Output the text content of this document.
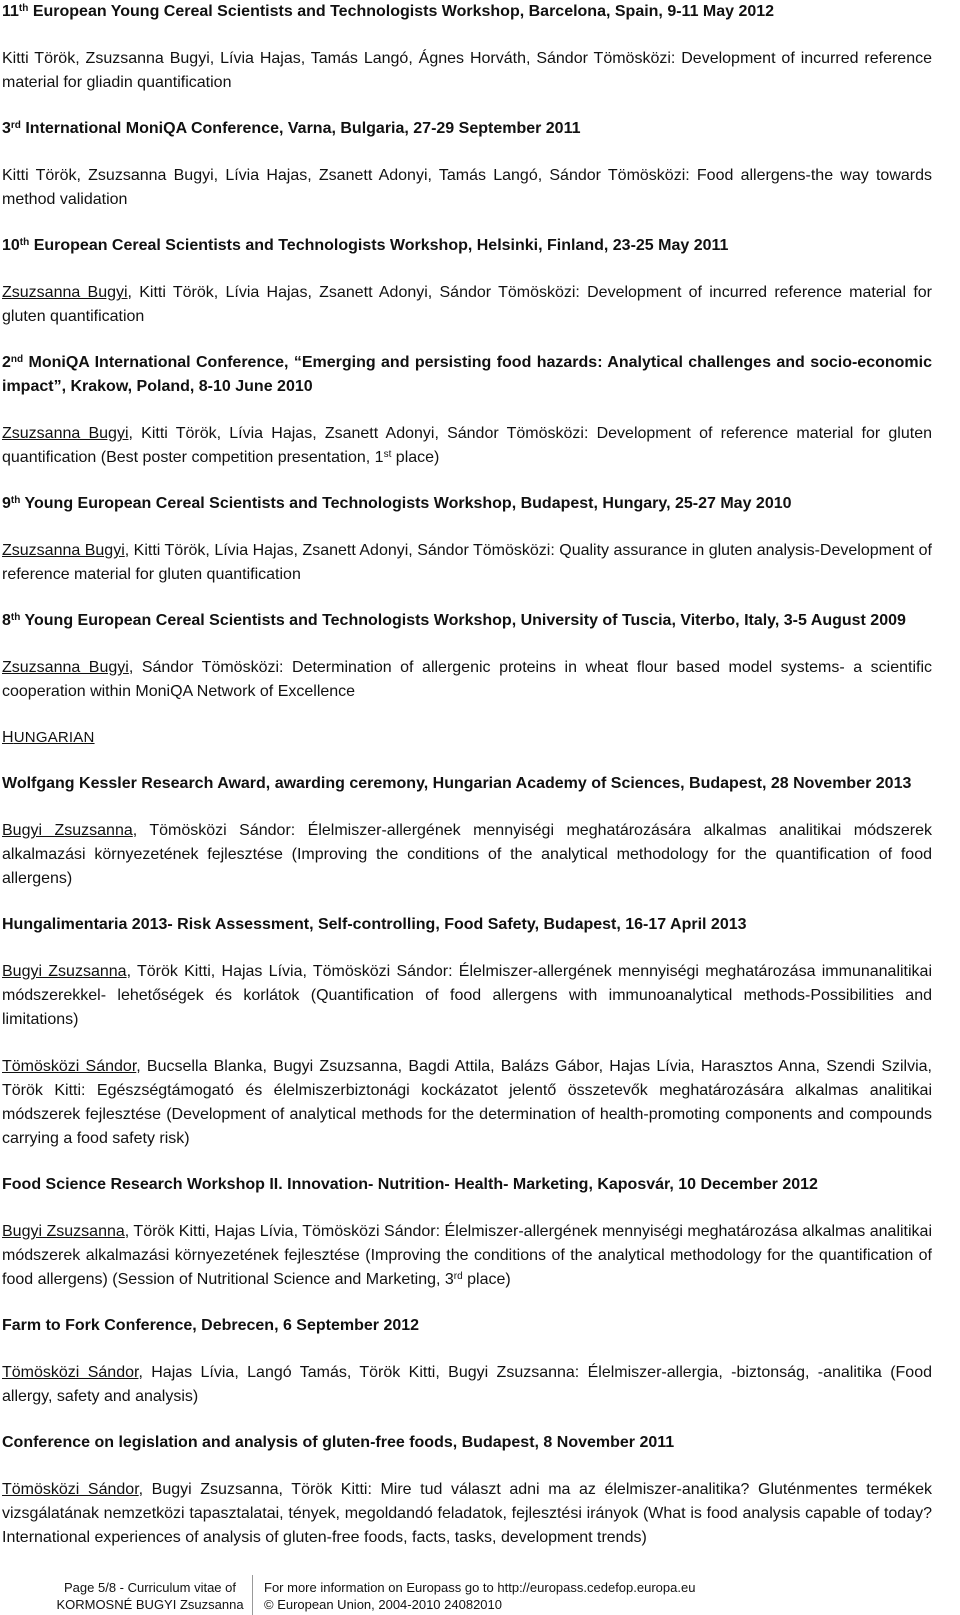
11th European Young Cereal Scientists and Technologists Workshop, Barcelona, Spain, 9-11 May 2012

Kitti Török, Zsuzsanna Bugyi, Lívia Hajas, Tamás Langó, Ágnes Horváth, Sándor Tömösközi: Development of incurred reference material for gliadin quantification

3rd International MoniQA Conference, Varna, Bulgaria, 27-29 September 2011

Kitti Török, Zsuzsanna Bugyi, Lívia Hajas, Zsanett Adonyi, Tamás Langó, Sándor Tömösközi: Food allergens-the way towards method validation

10th European Cereal Scientists and Technologists Workshop, Helsinki, Finland, 23-25 May 2011

Zsuzsanna Bugyi, Kitti Török, Lívia Hajas, Zsanett Adonyi, Sándor Tömösközi: Development of incurred reference material for gluten quantification

2nd MoniQA International Conference, “Emerging and persisting food hazards: Analytical challenges and socio-economic impact”, Krakow, Poland, 8-10 June 2010

Zsuzsanna Bugyi, Kitti Török, Lívia Hajas, Zsanett Adonyi, Sándor Tömösközi: Development of reference material for gluten quantification (Best poster competition presentation, 1st place)

9th Young European Cereal Scientists and Technologists Workshop, Budapest, Hungary, 25-27 May 2010

Zsuzsanna Bugyi, Kitti Török, Lívia Hajas, Zsanett Adonyi, Sándor Tömösközi: Quality assurance in gluten analysis-Development of reference material for gluten quantification

8th Young European Cereal Scientists and Technologists Workshop, University of Tuscia, Viterbo, Italy, 3-5 August 2009

Zsuzsanna Bugyi, Sándor Tömösközi: Determination of allergenic proteins in wheat flour based model systems- a scientific cooperation within MoniQA Network of Excellence

HUNGARIAN

Wolfgang Kessler Research Award, awarding ceremony, Hungarian Academy of Sciences, Budapest, 28 November 2013

Bugyi Zsuzsanna, Tömösközi Sándor: Élelmiszer-allergének mennyiségi meghatározására alkalmas analitikai módszerek alkalmazási környezetének fejlesztése (Improving the conditions of the analytical methodology for the quantification of food allergens)

Hungalimentaria 2013- Risk Assessment, Self-controlling, Food Safety, Budapest, 16-17 April 2013

Bugyi Zsuzsanna, Török Kitti, Hajas Lívia, Tömösközi Sándor: Élelmiszer-allergének mennyiségi meghatározása immunanalitikai módszerekkel- lehetőségek és korlátok (Quantification of food allergens with immunoanalytical methods-Possibilities and limitations)

Tömösközi Sándor, Bucsella Blanka, Bugyi Zsuzsanna, Bagdi Attila, Balázs Gábor, Hajas Lívia, Harasztos Anna, Szendi Szilvia, Török Kitti: Egészségtámogató és élelmiszerbiztonági kockázatot jelentő összetevők meghatározására alkalmas analitikai módszerek fejlesztése (Development of analytical methods for the determination of health-promoting components and compounds carrying a food safety risk)

Food Science Research Workshop II. Innovation- Nutrition- Health- Marketing, Kaposvár, 10 December 2012

Bugyi Zsuzsanna, Török Kitti, Hajas Lívia, Tömösközi Sándor: Élelmiszer-allergének mennyiségi meghatározása alkalmas analitikai módszerek alkalmazási környezetének fejlesztése (Improving the conditions of the analytical methodology for the quantification of food allergens) (Session of Nutritional Science and Marketing, 3rd place)

Farm to Fork Conference, Debrecen, 6 September 2012

Tömösközi Sándor, Hajas Lívia, Langó Tamás, Török Kitti, Bugyi Zsuzsanna: Élelmiszer-allergia, -biztonság, -analitika (Food allergy, safety and analysis)

Conference on legislation and analysis of gluten-free foods, Budapest, 8 November 2011

Tömösközi Sándor, Bugyi Zsuzsanna, Török Kitti: Mire tud választ adni ma az élelmiszer-analitika? Gluténmentes termékek vizsgálatának nemzetközi tapasztalatai, tények, megoldandó feladatok, fejlesztési irányok (What is food analysis capable of today? International experiences of analysis of gluten-free foods, facts, tasks, development trends)

Page 5/8 - Curriculum vitae of
KORMOSNÉ BUGYI Zsuzsanna
For more information on Europass go to http://europass.cedefop.europa.eu
© European Union, 2004-2010 24082010
